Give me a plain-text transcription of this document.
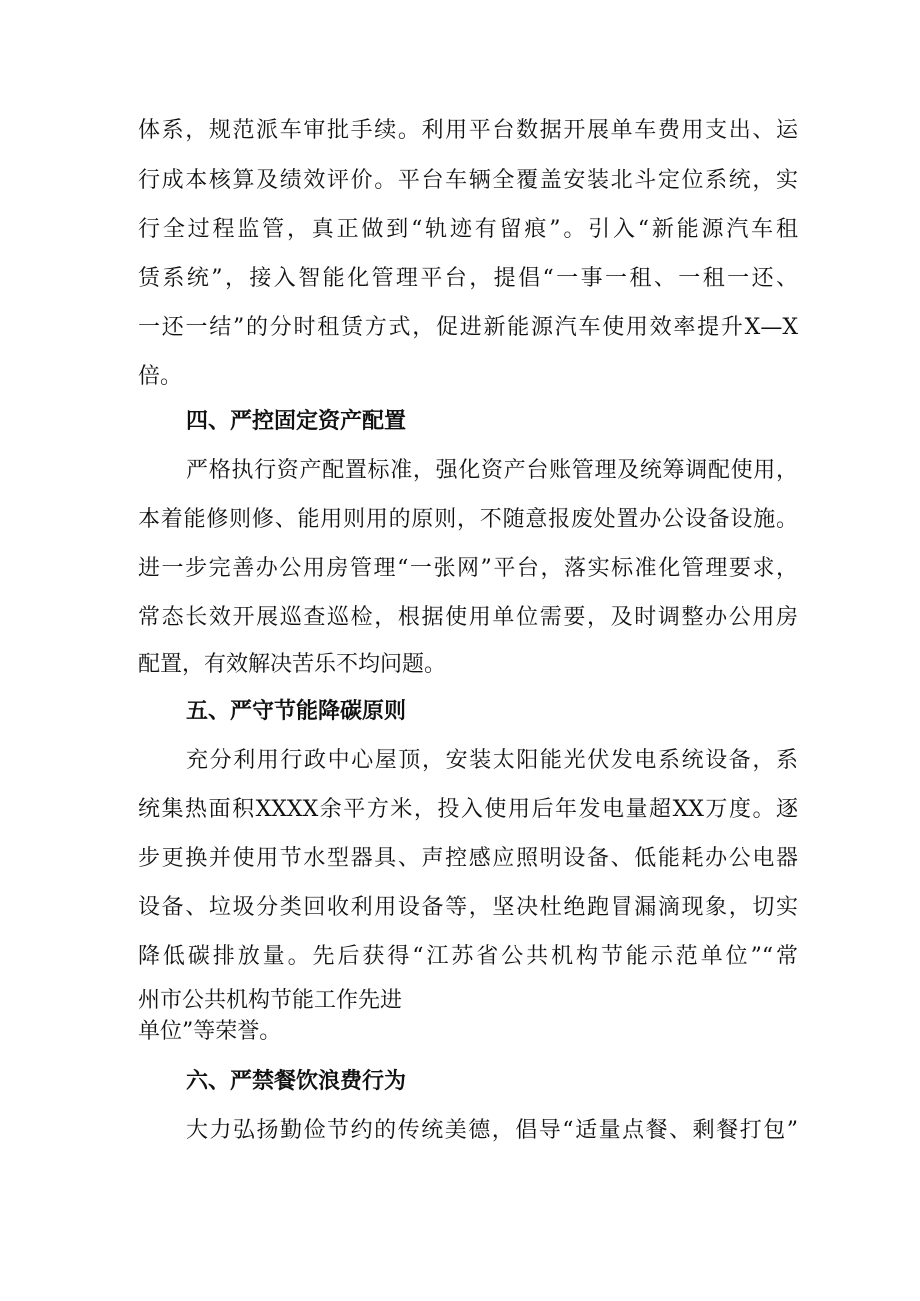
体系，规范派车审批手续。利用平台数据开展单车费用支出、运
行成本核算及绩效评价。平台车辆全覆盖安装北斗定位系统，实
行全过程监管，真正做到“轨迹有留痕”。引入“新能源汽车租
赁系统”，接入智能化管理平台，提倡“一事一租、一租一还、
一还一结”的分时租赁方式，促进新能源汽车使用效率提升X—X
倍。
四、严控固定资产配置
严格执行资产配置标准，强化资产台账管理及统筹调配使用，
本着能修则修、能用则用的原则，不随意报废处置办公设备设施。
进一步完善办公用房管理“一张网”平台，落实标准化管理要求，
常态长效开展巡查巡检，根据使用单位需要，及时调整办公用房
配置，有效解决苦乐不均问题。
五、严守节能降碳原则
充分利用行政中心屋顶，安装太阳能光伏发电系统设备，系
统集热面积XXXX余平方米，投入使用后年发电量超XX万度。逐
步更换并使用节水型器具、声控感应照明设备、低能耗办公电器
设备、垃圾分类回收利用设备等，坚决杜绝跑冒漏滴现象，切实
降低碳排放量。先后获得“江苏省公共机构节能示范单位”“常
州市公共机构节能工作先进
单位”等荣誉。
六、严禁餐饮浪费行为
大力弘扬勤俭节约的传统美德，倡导“适量点餐、剩餐打包”
